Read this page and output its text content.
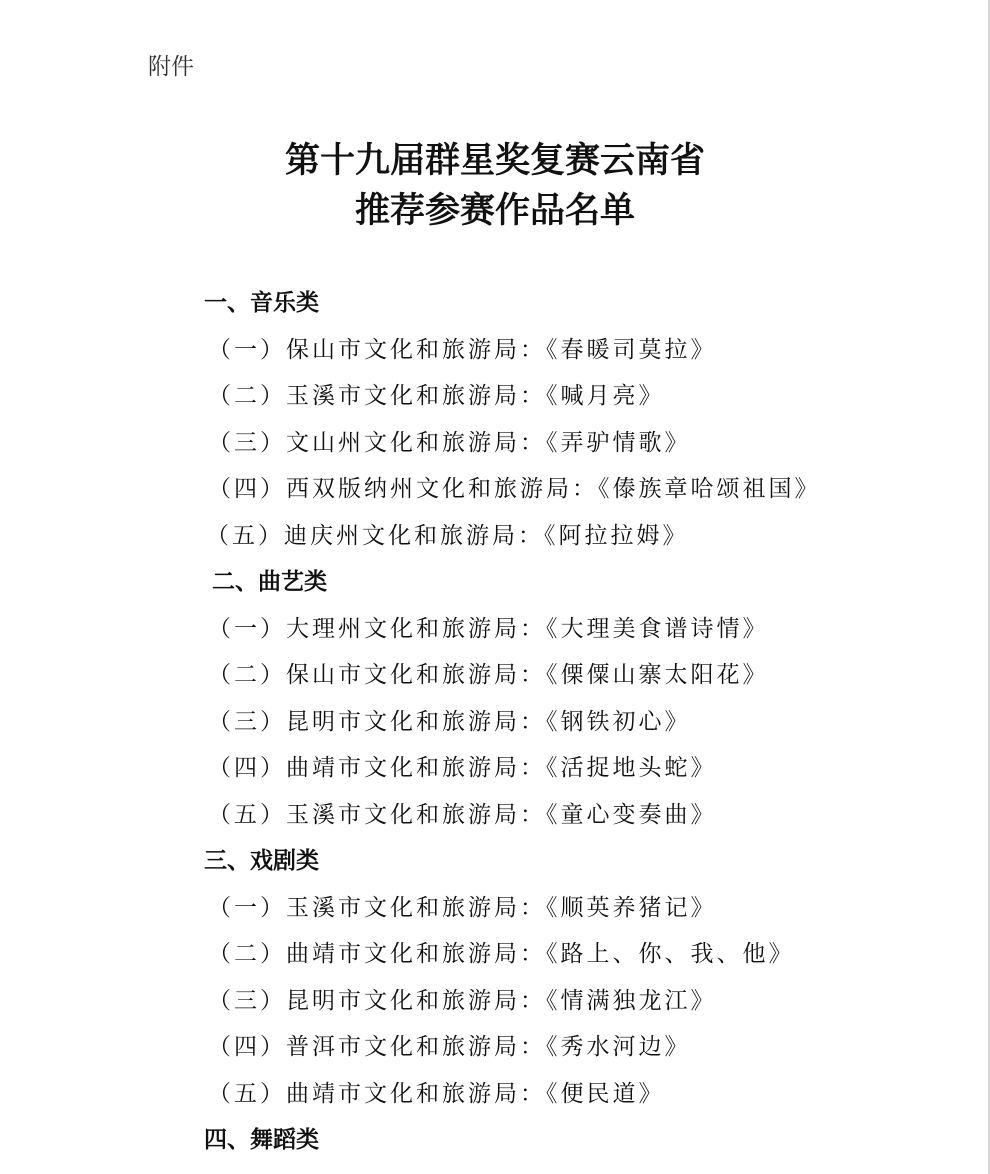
附件
第十九届群星奖复赛云南省
推荐参赛作品名单
一、音乐类
（一）保山市文化和旅游局：《春暖司莫拉》
（二）玉溪市文化和旅游局：《喊月亮》
（三）文山州文化和旅游局：《弄驴情歌》
（四）西双版纳州文化和旅游局：《傣族章哈颂祖国》
（五）迪庆州文化和旅游局：《阿拉拉姆》
二、曲艺类
（一）大理州文化和旅游局：《大理美食谱诗情》
（二）保山市文化和旅游局：《傈僳山寨太阳花》
（三）昆明市文化和旅游局：《钢铁初心》
（四）曲靖市文化和旅游局：《活捉地头蛇》
（五）玉溪市文化和旅游局：《童心变奏曲》
三、戏剧类
（一）玉溪市文化和旅游局：《顺英养猪记》
（二）曲靖市文化和旅游局：《路上、你、我、他》
（三）昆明市文化和旅游局：《情满独龙江》
（四）普洱市文化和旅游局：《秀水河边》
（五）曲靖市文化和旅游局：《便民道》
四、舞蹈类
